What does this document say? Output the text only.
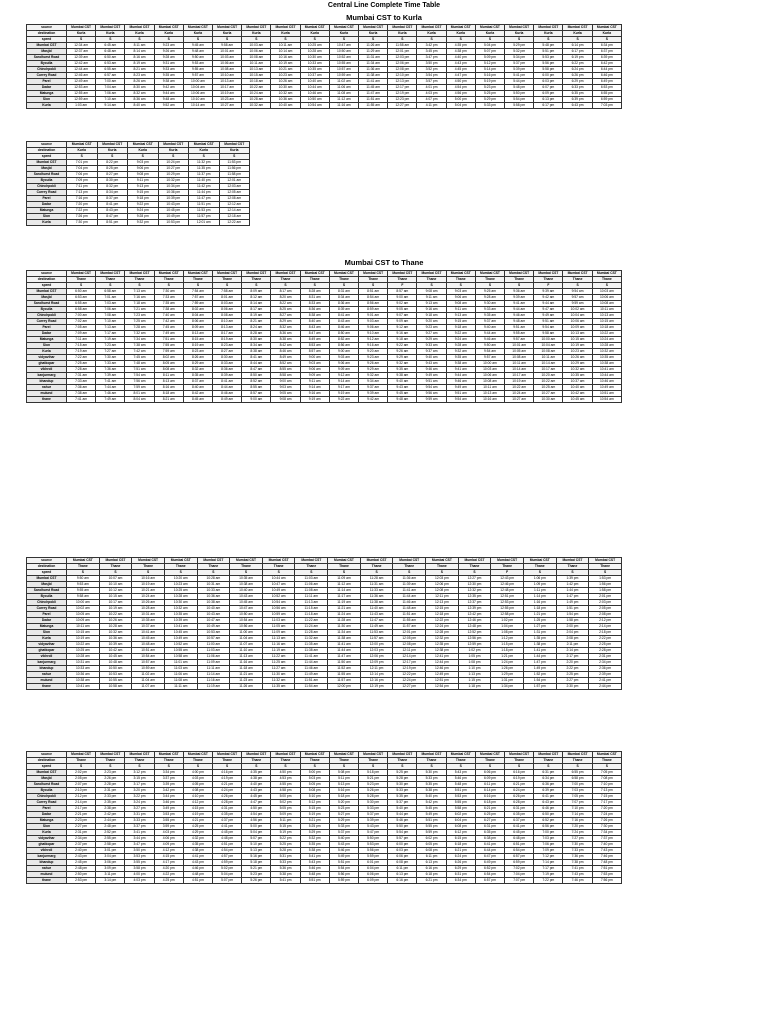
Central Line Complete Time Table
source	Mumbai CST	Mumbai CST	Mumbai CST	Mumbai CST	Mumbai CST	Mumbai CST	Mumbai CST	Mumbai CST	Mumbai CST	Mumbai CST	Mumbai CST	Mumbai CST	Mumbai CST	Mumbai CST	Mumbai CST	Mumbai CST	Mumbai CST	Mumbai CST	Mumbai CST
destination	Kurla	Kurla	Kurla	Kurla	Kurla	Kurla	Kurla	Kurla	Kurla	Kurla	Kurla	Kurla	Kurla	Kurla	Kurla	Kurla	Kurla	Kurla	Kurla
speed	S	S	S	S	S	S	S	S	S	S	S	S	S	S	S	S	S	S	S
Mumbai CST	12:34 am	6:45 am	8:11 am	9:23 am	9:45 am	9:58 am	10:03 am	10:11 am	10:25 am	10:47 am	11:26 am	11:58 am	3:42 pm	4:35 pm	5:04 pm	5:29 pm	5:48 pm	6:14 pm	6:34 pm
Masjid	12:37 am	6:48 am	8:14 am	9:26 am	9:48 am	10:01 am	10:06 am	10:14 am	10:28 am	10:50 am	11:29 am	12:01 pm	3:45 pm	4:38 pm	5:07 pm	5:32 pm	5:51 pm	6:17 pm	6:37 pm
Sandhurst Road	12:39 am	6:50 am	8:16 am	9:28 am	9:50 am	10:03 am	10:08 am	10:16 am	10:30 am	10:52 am	11:31 am	12:03 pm	3:47 pm	4:40 pm	5:09 pm	5:34 pm	5:53 pm	6:19 pm	6:39 pm
Byculla	12:42 am	6:53 am	8:19 am	9:31 am	9:53 am	10:06 am	10:11 am	10:19 am	10:33 am	10:55 am	11:34 am	12:06 pm	3:50 pm	4:43 pm	5:12 pm	5:37 pm	5:56 pm	6:22 pm	6:42 pm
Chinchpokli	12:44 am	6:55 am	8:21 am	9:33 am	9:55 am	10:08 am	10:13 am	10:21 am	10:35 am	10:57 am	11:36 am	12:08 pm	3:52 pm	4:45 pm	5:14 pm	5:39 pm	5:58 pm	6:24 pm	6:44 pm
Currey Road	12:46 am	6:57 am	8:23 am	9:35 am	9:57 am	10:10 am	10:15 am	10:23 am	10:37 am	10:59 am	11:38 am	12:10 pm	3:54 pm	4:47 pm	5:16 pm	5:41 pm	6:00 pm	6:26 pm	6:46 pm
Parel	12:49 am	7:00 am	8:26 am	9:38 am	10:00 am	10:13 am	10:18 am	10:26 am	10:40 am	11:02 am	11:41 am	12:13 pm	3:57 pm	4:50 pm	5:19 pm	5:44 pm	6:03 pm	6:29 pm	6:49 pm
Dadar	12:53 am	7:04 am	8:30 am	9:42 am	10:04 am	10:17 am	10:22 am	10:30 am	10:44 am	11:06 am	11:45 am	12:17 pm	4:01 pm	4:54 pm	5:23 pm	5:48 pm	6:07 pm	6:33 pm	6:53 pm
Matunga	12:55 am	7:06 am	8:32 am	9:44 am	10:06 am	10:19 am	10:24 am	10:32 am	10:46 am	11:08 am	11:47 am	12:19 pm	4:03 pm	4:56 pm	5:25 pm	5:50 pm	6:09 pm	6:35 pm	6:55 pm
Sion	12:59 am	7:10 am	8:36 am	9:48 am	10:10 am	10:23 am	10:28 am	10:36 am	10:50 am	11:12 am	11:51 am	12:23 pm	4:07 pm	5:00 pm	5:29 pm	5:54 pm	6:13 pm	6:39 pm	6:59 pm
Kurla	1:03 am	9:14 am	8:40 am	9:52 am	10:14 am	10:27 am	10:32 am	10:40 am	10:54 am	11:16 am	11:55 am	12:27 pm	4:11 pm	5:04 pm	5:33 pm	5:58 pm	6:17 pm	6:43 pm	7:03 pm
source	Mumbai CST	Mumbai CST	Mumbai CST	Mumbai CST	Mumbai CST	Mumbai CST
destination	Kurla	Kurla	Kurla	Kurla	Kurla	Kurla
speed	S	S	S	S	S	S
Mumbai CST	7:01 pm	8:22 pm	9:03 pm	10:24 pm	11:32 pm	11:53 pm
Masjid	7:04 pm	8:25 pm	9:06 pm	10:27 pm	11:35 pm	11:56 pm
Sandhurst Road	7:06 pm	8:27 pm	9:08 pm	10:29 pm	11:37 pm	11:58 pm
Byculla	7:09 pm	8:30 pm	9:11 pm	10:32 pm	11:40 pm	12:01 am
Chinchpokli	7:11 pm	8:32 pm	9:13 pm	10:34 pm	11:42 pm	12:03 am
Currey Road	7:13 pm	8:34 pm	9:15 pm	10:36 pm	11:44 pm	12:05 am
Parel	7:16 pm	8:37 pm	9:18 pm	10:39 pm	11:47 pm	12:08 am
Dadar	7:20 pm	8:41 pm	9:22 pm	10:43 pm	11:51 pm	12:12 am
Matunga	7:22 pm	8:43 pm	9:24 pm	10:45 pm	11:53 pm	12:14 am
Sion	7:26 pm	8:47 pm	9:28 pm	10:49 pm	11:57 pm	12:18 am
Kurla	7:30 pm	8:51 pm	9:32 pm	10:53 pm	12:01 am	12:22 am
Mumbai CST to Thane
source	Mumbai CST	Mumbai CST	Mumbai CST	Mumbai CST	Mumbai CST	Mumbai CST	Mumbai CST	Mumbai CST	Mumbai CST	Mumbai CST	Mumbai CST	Mumbai CST	Mumbai CST	Mumbai CST	Mumbai CST	Mumbai CST	Mumbai CST	Mumbai CST	Mumbai CST
destination	Thane	Thane	Thane	Thane	Thane	Thane	Thane	Thane	Thane	Thane	Thane	Thane	Thane	Thane	Thane	Thane	Thane	Thane	Thane
speed	S	S	S	S	S	S	S	S	S	S	S	F	S	S	S	S	F	S	S
Mumbai CST	6:50 am	6:58 am	7:13 am	7:30 am	7:54 am	7:58 am	8:09 am	8:17 am	8:28 am	8:31 am	8:51 am	8:57 am	9:08 am	9:03 am	9:25 am	9:36 am	9:39 am	9:54 am	10:03 am
Masjid	6:53 am	7:01 am	7:16 am	7:33 am	7:57 am	8:01 am	8:12 am	8:20 am	8:31 am	8:34 am	8:54 am	9:00 am	9:11 am	9:06 am	9:28 am	9:39 am	9:42 am	9:57 am	10:06 am
Sandhurst Road	6:55 am	7:03 am	7:18 am	7:35 am	7:59 am	8:03 am	8:14 am	8:22 am	8:33 am	8:36 am	8:56 am	9:02 am	9:13 am	9:08 am	9:30 am	9:41 am	9:44 am	9:59 am	10:08 am
Byculla	6:58 am	7:06 am	7:21 am	7:38 am	8:02 am	8:06 am	8:17 am	8:25 am	8:36 am	8:39 am	8:59 am	9:05 am	9:16 am	9:11 am	9:33 am	9:44 am	9:47 am	10:02 am	10:11 am
Chinchpokli	7:00 am	7:08 am	7:23 am	7:40 am	8:04 am	8:08 am	8:19 am	8:27 am	8:38 am	8:41 am	9:01 am	9:07 am	9:18 am	9:13 am	9:35 am	9:46 am	9:49 am	10:04 am	10:13 am
Currey Road	7:02 am	7:10 am	7:25 am	7:42 am	8:06 am	8:10 am	8:21 am	8:29 am	8:40 am	8:43 am	9:03 am	9:09 am	9:20 am	9:15 am	9:37 am	9:48 am	9:51 am	10:06 am	10:15 am
Parel	7:05 am	7:13 am	7:28 am	7:45 am	8:09 am	8:13 am	8:24 am	8:32 am	8:43 am	8:46 am	9:06 am	9:12 am	9:23 am	9:18 am	9:40 am	9:51 am	9:54 am	10:09 am	10:18 am
Dadar	7:09 am	7:17 am	7:32 am	7:49 am	8:13 am	8:17 am	8:28 am	8:36 am	8:47 am	8:50 am	9:10 am	9:16 am	9:27 am	9:22 am	9:44 am	9:55 am	9:58 am	10:13 am	10:22 am
Matunga	7:11 am	7:19 am	7:34 am	7:51 am	8:15 am	8:19 am	8:30 am	8:38 am	8:49 am	8:52 am	9:12 am	9:18 am	9:29 am	9:24 am	9:46 am	9:57 am	10:00 am	10:15 am	10:24 am
Sion	7:15 am	7:23 am	7:38 am	7:55 am	8:19 am	8:23 am	8:34 am	8:42 am	8:53 am	8:56 am	9:16 am	9:22 am	9:33 am	9:28 am	9:50 am	10:01 am	10:04 am	10:19 am	10:28 am
Kurla	7:19 am	7:27 am	7:42 am	7:59 am	8:23 am	8:27 am	8:38 am	8:46 am	8:57 am	9:00 am	9:20 am	9:26 am	9:37 am	9:32 am	9:54 am	10:05 am	10:08 am	10:23 am	10:32 am
vidyavihar	7:22 am	7:30 am	7:45 am	8:02 am	8:26 am	8:30 am	8:41 am	8:49 am	9:00 am	9:03 am	9:23 am	9:29 am	9:40 am	9:35 am	9:57 am	10:08 am	10:11 am	10:26 am	10:35 am
ghatkopar	7:25 am	7:33 am	7:48 am	8:05 am	8:29 am	8:33 am	8:44 am	8:52 am	9:03 am	9:06 am	9:26 am	9:32 am	9:43 am	9:38 am	10:00 am	10:11 am	10:14 am	10:29 am	10:38 am
vikhroli	7:28 am	7:36 am	7:51 am	8:08 am	8:32 am	8:36 am	8:47 am	8:55 am	9:06 am	9:09 am	9:29 am	9:35 am	9:46 am	9:41 am	10:03 am	10:14 am	10:17 am	10:32 am	10:41 am
kanjurmarg	7:31 am	7:39 am	7:54 am	8:11 am	8:35 am	8:39 am	8:50 am	8:58 am	9:09 am	9:12 am	9:32 am	9:38 am	9:49 am	9:44 am	10:06 am	10:17 am	10:20 am	10:35 am	10:44 am
bhandup	7:33 am	7:41 am	7:56 am	8:13 am	8:37 am	8:41 am	8:52 am	9:00 am	9:11 am	9:14 am	9:34 am	9:40 am	9:51 am	9:46 am	10:08 am	10:19 am	10:22 am	10:37 am	10:46 am
nahur	7:36 am	7:44 am	7:59 am	8:16 am	8:40 am	8:44 am	8:55 am	9:03 am	9:14 am	9:17 am	9:37 am	9:43 am	9:54 am	9:49 am	10:11 am	10:22 am	10:25 am	10:40 am	10:49 am
mulund	7:38 am	7:46 am	8:01 am	8:18 am	8:42 am	8:46 am	8:57 am	9:05 am	9:16 am	9:19 am	9:39 am	9:45 am	9:56 am	9:51 am	10:13 am	10:24 am	10:27 am	10:42 am	10:51 am
thane	7:41 am	7:49 am	8:04 am	8:21 am	8:45 am	8:49 am	9:00 am	9:08 am	9:19 am	9:22 am	9:42 am	9:48 am	9:59 am	9:54 am	10:16 am	10:27 am	10:30 am	10:45 am	10:54 am
source	Mumbai CST	Mumbai CST	Mumbai CST	Mumbai CST	Mumbai CST	Mumbai CST	Mumbai CST	Mumbai CST	Mumbai CST	Mumbai CST	Mumbai CST	Mumbai CST	Mumbai CST	Mumbai CST	Mumbai CST	Mumbai CST	Mumbai CST
destination	Thane	Thane	Thane	Thane	Thane	Thane	Thane	Thane	Thane	Thane	Thane	Thane	Thane	Thane	Thane	Thane	Thane
speed	S	S	S	S	S	S	S	S	S	S	S	S	S	F	S	S	S
Mumbai CST	9:50 am	10:07 am	10:16 am	10:20 am	10:28 am	10:35 am	10:44 am	11:03 am	11:09 am	11:28 am	11:36 am	12:03 pm	12:27 pm	12:43 pm	1:06 pm	1:39 pm	1:53 pm
Masjid	9:53 am	10:10 am	10:19 am	10:23 am	10:31 am	10:38 am	10:47 am	11:06 am	11:12 am	11:31 am	11:39 am	12:06 pm	12:30 pm	12:46 pm	1:09 pm	1:42 pm	1:56 pm
Sandhurst Road	9:55 am	10:12 am	10:21 am	10:25 am	10:33 am	10:40 am	10:49 am	11:08 am	11:14 am	11:33 am	11:41 am	12:08 pm	12:32 pm	12:48 pm	1:11 pm	1:44 pm	1:58 pm
Byculla	9:58 am	10:15 am	10:24 am	10:28 am	10:36 am	10:43 am	10:52 am	11:11 am	11:17 am	11:36 am	11:44 am	12:11 pm	12:35 pm	12:51 pm	1:14 pm	1:47 pm	2:01 pm
Chinchpokli	10:00 am	10:17 am	10:26 am	10:30 am	10:38 am	10:45 am	10:54 am	11:13 am	11:19 am	11:38 am	11:46 am	12:13 pm	12:37 pm	12:53 pm	1:16 pm	1:49 pm	2:03 pm
Currey Road	10:02 am	10:19 am	10:28 am	10:32 am	10:40 am	10:47 am	10:56 am	11:15 am	11:21 am	11:40 am	11:48 am	12:15 pm	12:39 pm	12:55 pm	1:18 pm	1:51 pm	2:05 pm
Parel	10:05 am	10:22 am	10:31 am	10:35 am	10:43 am	10:50 am	10:59 am	11:18 am	11:24 am	11:43 am	11:51 am	12:18 pm	12:42 pm	12:58 pm	1:21 pm	1:54 pm	2:08 pm
Dadar	10:09 am	10:26 am	10:35 am	10:39 am	10:47 am	10:54 am	11:03 am	11:22 am	11:28 am	11:47 am	11:55 am	12:22 pm	12:46 pm	1:02 pm	1:25 pm	1:58 pm	2:12 pm
Matunga	10:11 am	10:28 am	10:37 am	10:41 am	10:49 am	10:56 am	11:05 am	11:24 am	11:30 am	11:49 am	11:57 am	12:24 pm	12:48 pm	1:04 pm	1:27 pm	2:00 pm	2:14 pm
Sion	10:15 am	10:32 am	10:41 am	10:45 am	10:53 am	11:00 am	11:09 am	11:28 am	11:34 am	11:53 am	12:01 pm	12:28 pm	12:52 pm	1:08 pm	1:31 pm	2:04 pm	2:18 pm
Kurla	10:19 am	10:36 am	10:45 am	10:49 am	10:57 am	11:04 am	11:13 am	11:32 am	11:38 am	11:57 am	12:05 pm	12:32 pm	12:56 pm	1:12 pm	1:35 pm	2:08 pm	2:22 pm
vidyavihar	10:22 am	10:39 am	10:48 am	10:52 am	11:00 am	11:07 am	11:16 am	11:35 am	11:41 am	12:00 pm	12:08 pm	12:35 pm	12:59 pm	1:15 pm	1:38 pm	2:11 pm	2:25 pm
ghatkopar	10:25 am	10:42 am	10:51 am	10:55 am	11:03 am	11:10 am	11:19 am	11:38 am	11:44 am	12:03 pm	12:11 pm	12:38 pm	1:02 pm	1:18 pm	1:41 pm	2:14 pm	2:28 pm
vikhroli	10:28 am	10:45 am	10:54 am	10:58 am	11:06 am	11:13 am	11:22 am	11:41 am	11:47 am	12:06 pm	12:14 pm	12:41 pm	1:05 pm	1:21 pm	1:44 pm	2:17 pm	2:31 pm
kanjurmarg	10:31 am	10:48 am	10:57 am	11:01 am	11:09 am	11:16 am	11:25 am	11:44 am	11:50 am	12:09 pm	12:17 pm	12:44 pm	1:08 pm	1:24 pm	1:47 pm	2:20 pm	2:34 pm
bhandup	10:33 am	10:50 am	10:59 am	11:03 am	11:11 am	11:18 am	11:27 am	11:46 am	11:52 am	12:11 pm	12:19 pm	12:46 pm	1:10 pm	1:26 pm	1:49 pm	2:22 pm	2:36 pm
nahur	10:36 am	10:53 am	11:02 am	11:06 am	11:14 am	11:21 am	11:30 am	11:49 am	11:55 am	12:14 pm	12:22 pm	12:49 pm	1:13 pm	1:29 pm	1:52 pm	2:25 pm	2:39 pm
mulund	10:38 am	10:55 am	11:04 am	11:08 am	11:16 am	11:23 am	11:32 am	11:51 am	11:57 am	12:16 pm	12:24 pm	12:51 pm	1:15 pm	1:31 pm	1:54 pm	2:27 pm	2:41 pm
thane	10:41 am	10:58 am	11:07 am	11:11 am	11:19 am	11:26 am	11:35 am	11:54 am	12:00 pm	12:19 pm	12:27 pm	12:54 pm	1:18 pm	1:34 pm	1:57 pm	2:30 pm	2:44 pm
source	Mumbai CST	Mumbai CST	Mumbai CST	Mumbai CST	Mumbai CST	Mumbai CST	Mumbai CST	Mumbai CST	Mumbai CST	Mumbai CST	Mumbai CST	Mumbai CST	Mumbai CST	Mumbai CST	Mumbai CST	Mumbai CST	Mumbai CST	Mumbai CST	Mumbai CST
destination	Thane	Thane	Thane	Thane	Thane	Thane	Thane	Thane	Thane	Thane	Thane	Thane	Thane	Thane	Thane	Thane	Thane	Thane	Thane
speed	S	S	S	S	S	S	S	S	S	S	S	S	S	S	S	S	S	S	S
Mumbai CST	2:02 pm	2:23 pm	3:12 pm	3:34 pm	4:00 pm	4:16 pm	4:35 pm	4:50 pm	5:00 pm	5:08 pm	5:18 pm	5:25 pm	5:30 pm	5:43 pm	6:06 pm	6:16 pm	6:31 pm	6:55 pm	7:05 pm
Masjid	2:05 pm	2:26 pm	3:15 pm	3:37 pm	4:03 pm	4:19 pm	4:38 pm	4:53 pm	5:03 pm	5:11 pm	5:21 pm	5:28 pm	5:33 pm	5:46 pm	6:09 pm	6:19 pm	6:34 pm	6:58 pm	7:08 pm
Sandhurst Road	2:07 pm	2:28 pm	3:17 pm	3:39 pm	4:05 pm	4:21 pm	4:40 pm	4:55 pm	5:05 pm	5:13 pm	5:23 pm	5:30 pm	5:35 pm	5:48 pm	6:11 pm	6:21 pm	6:36 pm	7:00 pm	7:10 pm
Byculla	2:10 pm	2:31 pm	3:20 pm	3:42 pm	4:08 pm	4:24 pm	4:43 pm	4:58 pm	5:08 pm	5:16 pm	5:26 pm	5:33 pm	5:38 pm	5:51 pm	6:14 pm	6:24 pm	6:39 pm	7:03 pm	7:13 pm
Chinchpokli	2:12 pm	2:33 pm	3:22 pm	3:44 pm	4:10 pm	4:26 pm	4:45 pm	5:00 pm	5:10 pm	5:18 pm	5:28 pm	5:35 pm	5:40 pm	5:53 pm	6:16 pm	6:26 pm	6:41 pm	7:05 pm	7:15 pm
Currey Road	2:14 pm	2:35 pm	3:24 pm	3:46 pm	4:12 pm	4:28 pm	4:47 pm	5:02 pm	5:12 pm	5:20 pm	5:30 pm	5:37 pm	5:42 pm	5:55 pm	6:18 pm	6:28 pm	6:43 pm	7:07 pm	7:17 pm
Parel	2:17 pm	2:38 pm	3:27 pm	3:49 pm	4:15 pm	4:31 pm	4:50 pm	5:05 pm	5:15 pm	5:23 pm	5:33 pm	5:40 pm	5:45 pm	5:58 pm	6:21 pm	6:31 pm	6:46 pm	7:10 pm	7:20 pm
Dadar	2:21 pm	2:42 pm	3:31 pm	3:53 pm	4:19 pm	4:35 pm	4:54 pm	5:09 pm	5:19 pm	5:27 pm	5:37 pm	5:44 pm	5:49 pm	6:02 pm	6:25 pm	6:35 pm	6:50 pm	7:14 pm	7:24 pm
Matunga	2:23 pm	2:44 pm	3:33 pm	3:55 pm	4:21 pm	4:37 pm	4:56 pm	5:11 pm	5:21 pm	5:29 pm	5:39 pm	5:46 pm	5:51 pm	6:04 pm	6:27 pm	6:37 pm	6:52 pm	7:16 pm	7:26 pm
Sion	2:27 pm	2:48 pm	3:37 pm	3:59 pm	4:25 pm	4:41 pm	5:00 pm	5:15 pm	5:25 pm	5:33 pm	5:43 pm	5:50 pm	5:55 pm	6:08 pm	6:31 pm	6:41 pm	6:56 pm	7:20 pm	7:30 pm
Kurla	2:31 pm	2:52 pm	3:41 pm	4:03 pm	4:29 pm	4:45 pm	5:04 pm	5:19 pm	5:29 pm	5:37 pm	5:47 pm	5:54 pm	5:59 pm	6:12 pm	6:35 pm	6:45 pm	7:00 pm	7:24 pm	7:34 pm
vidyavihar	2:34 pm	2:55 pm	3:44 pm	4:06 pm	4:32 pm	4:48 pm	5:07 pm	5:22 pm	5:32 pm	5:40 pm	5:50 pm	5:57 pm	6:02 pm	6:15 pm	6:38 pm	6:48 pm	7:03 pm	7:27 pm	7:37 pm
ghatkopar	2:37 pm	2:58 pm	3:47 pm	4:09 pm	4:35 pm	4:51 pm	5:10 pm	5:25 pm	5:35 pm	5:43 pm	5:53 pm	6:00 pm	6:05 pm	6:18 pm	6:41 pm	6:51 pm	7:06 pm	7:30 pm	7:40 pm
vikhroli	2:40 pm	3:01 pm	3:50 pm	4:12 pm	4:38 pm	4:54 pm	5:13 pm	5:28 pm	5:38 pm	5:46 pm	5:56 pm	6:03 pm	6:08 pm	6:21 pm	6:44 pm	6:54 pm	7:09 pm	7:33 pm	7:43 pm
kanjurmarg	2:43 pm	3:04 pm	3:53 pm	4:15 pm	4:41 pm	4:57 pm	5:16 pm	5:31 pm	5:41 pm	5:49 pm	5:59 pm	6:06 pm	6:11 pm	6:24 pm	6:47 pm	6:57 pm	7:12 pm	7:36 pm	7:46 pm
bhandup	2:45 pm	3:06 pm	3:55 pm	4:17 pm	4:43 pm	4:59 pm	5:18 pm	5:33 pm	5:43 pm	5:51 pm	6:01 pm	6:08 pm	6:13 pm	6:26 pm	6:49 pm	6:59 pm	7:14 pm	7:38 pm	7:48 pm
nahur	2:48 pm	3:09 pm	3:58 pm	4:20 pm	4:46 pm	5:02 pm	5:21 pm	5:36 pm	5:46 pm	5:54 pm	6:04 pm	6:11 pm	6:16 pm	6:29 pm	6:52 pm	7:02 pm	7:17 pm	7:41 pm	7:51 pm
mulund	2:50 pm	3:11 pm	4:00 pm	4:22 pm	4:48 pm	5:04 pm	5:23 pm	5:38 pm	5:48 pm	5:56 pm	6:06 pm	6:13 pm	6:18 pm	6:31 pm	6:54 pm	7:04 pm	7:19 pm	7:43 pm	7:53 pm
thane	2:53 pm	3:14 pm	4:03 pm	4:25 pm	4:51 pm	5:07 pm	5:26 pm	5:41 pm	5:51 pm	5:59 pm	6:09 pm	6:16 pm	6:21 pm	6:34 pm	6:57 pm	7:07 pm	7:22 pm	7:46 pm	7:56 pm
Mumbai CST to Kurla
